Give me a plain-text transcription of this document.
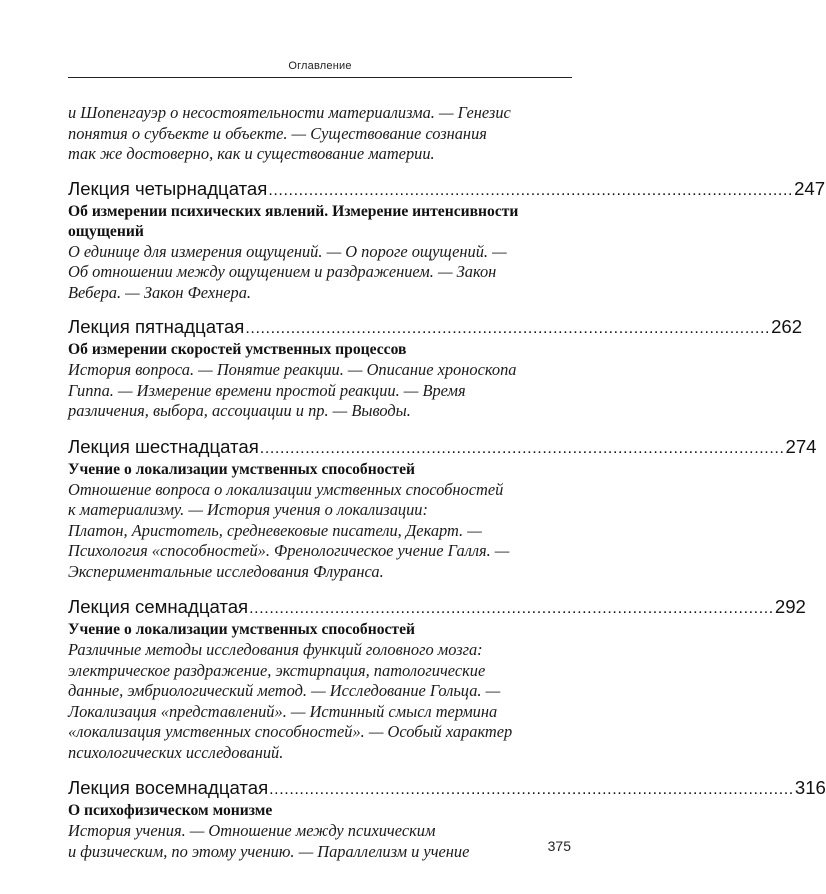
Оглавление
и Шопенгауэр о несостоятельности материализма. — Генезис
понятия о субъекте и объекте. — Существование сознания
так же достоверно, как и существование материи.
Лекция четырнадцатая ........................................................................................................ 247
Об измерении психических явлений. Измерение интенсивности
ощущений
О единице для измерения ощущений. — О пороге ощущений. —
Об отношении между ощущением и раздражением. — Закон
Вебера. — Закон Фехнера.
Лекция пятнадцатая ........................................................................................................ 262
Об измерении скоростей умственных процессов
История вопроса. — Понятие реакции. — Описание хроноскопа
Гиппа. — Измерение времени простой реакции. — Время
различения, выбора, ассоциации и пр. — Выводы.
Лекция шестнадцатая ........................................................................................................ 274
Учение о локализации умственных способностей
Отношение вопроса о локализации умственных способностей
к материализму. — История учения о локализации:
Платон, Аристотель, средневековые писатели, Декарт. —
Психология «способностей». Френологическое учение Галля. —
Экспериментальные исследования Флуранса.
Лекция семнадцатая ........................................................................................................ 292
Учение о локализации умственных способностей
Различные методы исследования функций головного мозга:
электрическое раздражение, экстирпация, патологические
данные, эмбриологический метод. — Исследование Гольца. —
Локализация «представлений». — Истинный смысл термина
«локализация умственных способностей». — Особый характер
психологических исследований.
Лекция восемнадцатая ........................................................................................................ 316
О психофизическом монизме
История учения. — Отношение между психическим
и физическим, по этому учению. — Параллелизм и учение	375
